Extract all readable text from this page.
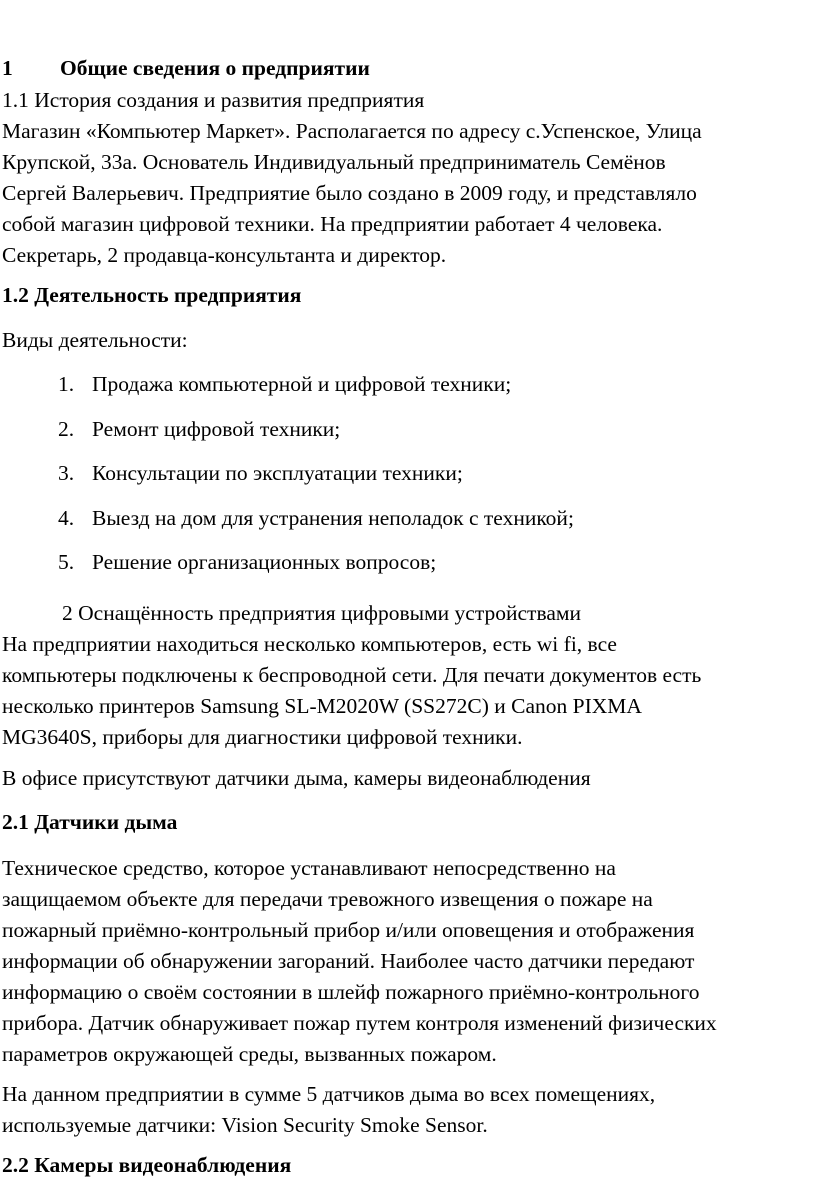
1 Общие сведения о предприятии
1.1 История создания и развития предприятия

Магазин «Компьютер Маркет». Располагается по адресу с.Успенское, Улица

Крупской, 33а. Основатель Индивидуальный предприниматель Семёнов

Сергей Валерьевич. Предприятие было создано в 2009 году, и представляло

собой магазин цифровой техники. На предприятии работает 4 человека.

Секретарь, 2 продавца-консультанта и директор.

1.2 Деятельность предприятия
Виды деятельности:
1. Продажа компьютерной и цифровой техники;
2. Ремонт цифровой техники;
3. Консультации по эксплуатации техники;
4. Выезд на дом для устранения неполадок с техникой;
5. Решение организационных вопросов;
2 Оснащённость предприятия цифровыми устройствами

На предприятии находиться несколько компьютеров, есть wi fi, все

компьютеры подключены к беспроводной сети. Для печати документов есть

несколько принтеров Samsung SL-M2020W (SS272C) и Canon PIXMA

MG3640S, приборы для диагностики цифровой техники.

В офисе присутствуют датчики дыма, камеры видеонаблюдения
2.1 Датчики дыма

Техническое средство, которое устанавливают непосредственно на

защищаемом объекте для передачи тревожного извещения о пожаре на

пожарный приёмно-контрольный прибор и/или оповещения и отображения

информации об обнаружении загораний. Наиболее часто датчики передают

информацию о своём состоянии в шлейф пожарного приёмно-контрольного

прибора. Датчик обнаруживает пожар путем контроля изменений физических

параметров окружающей среды, вызванных пожаром.

На данном предприятии в сумме 5 датчиков дыма во всех помещениях,

используемые датчики: Vision Security Smoke Sensor.

2.2 Камеры видеонаблюдения
